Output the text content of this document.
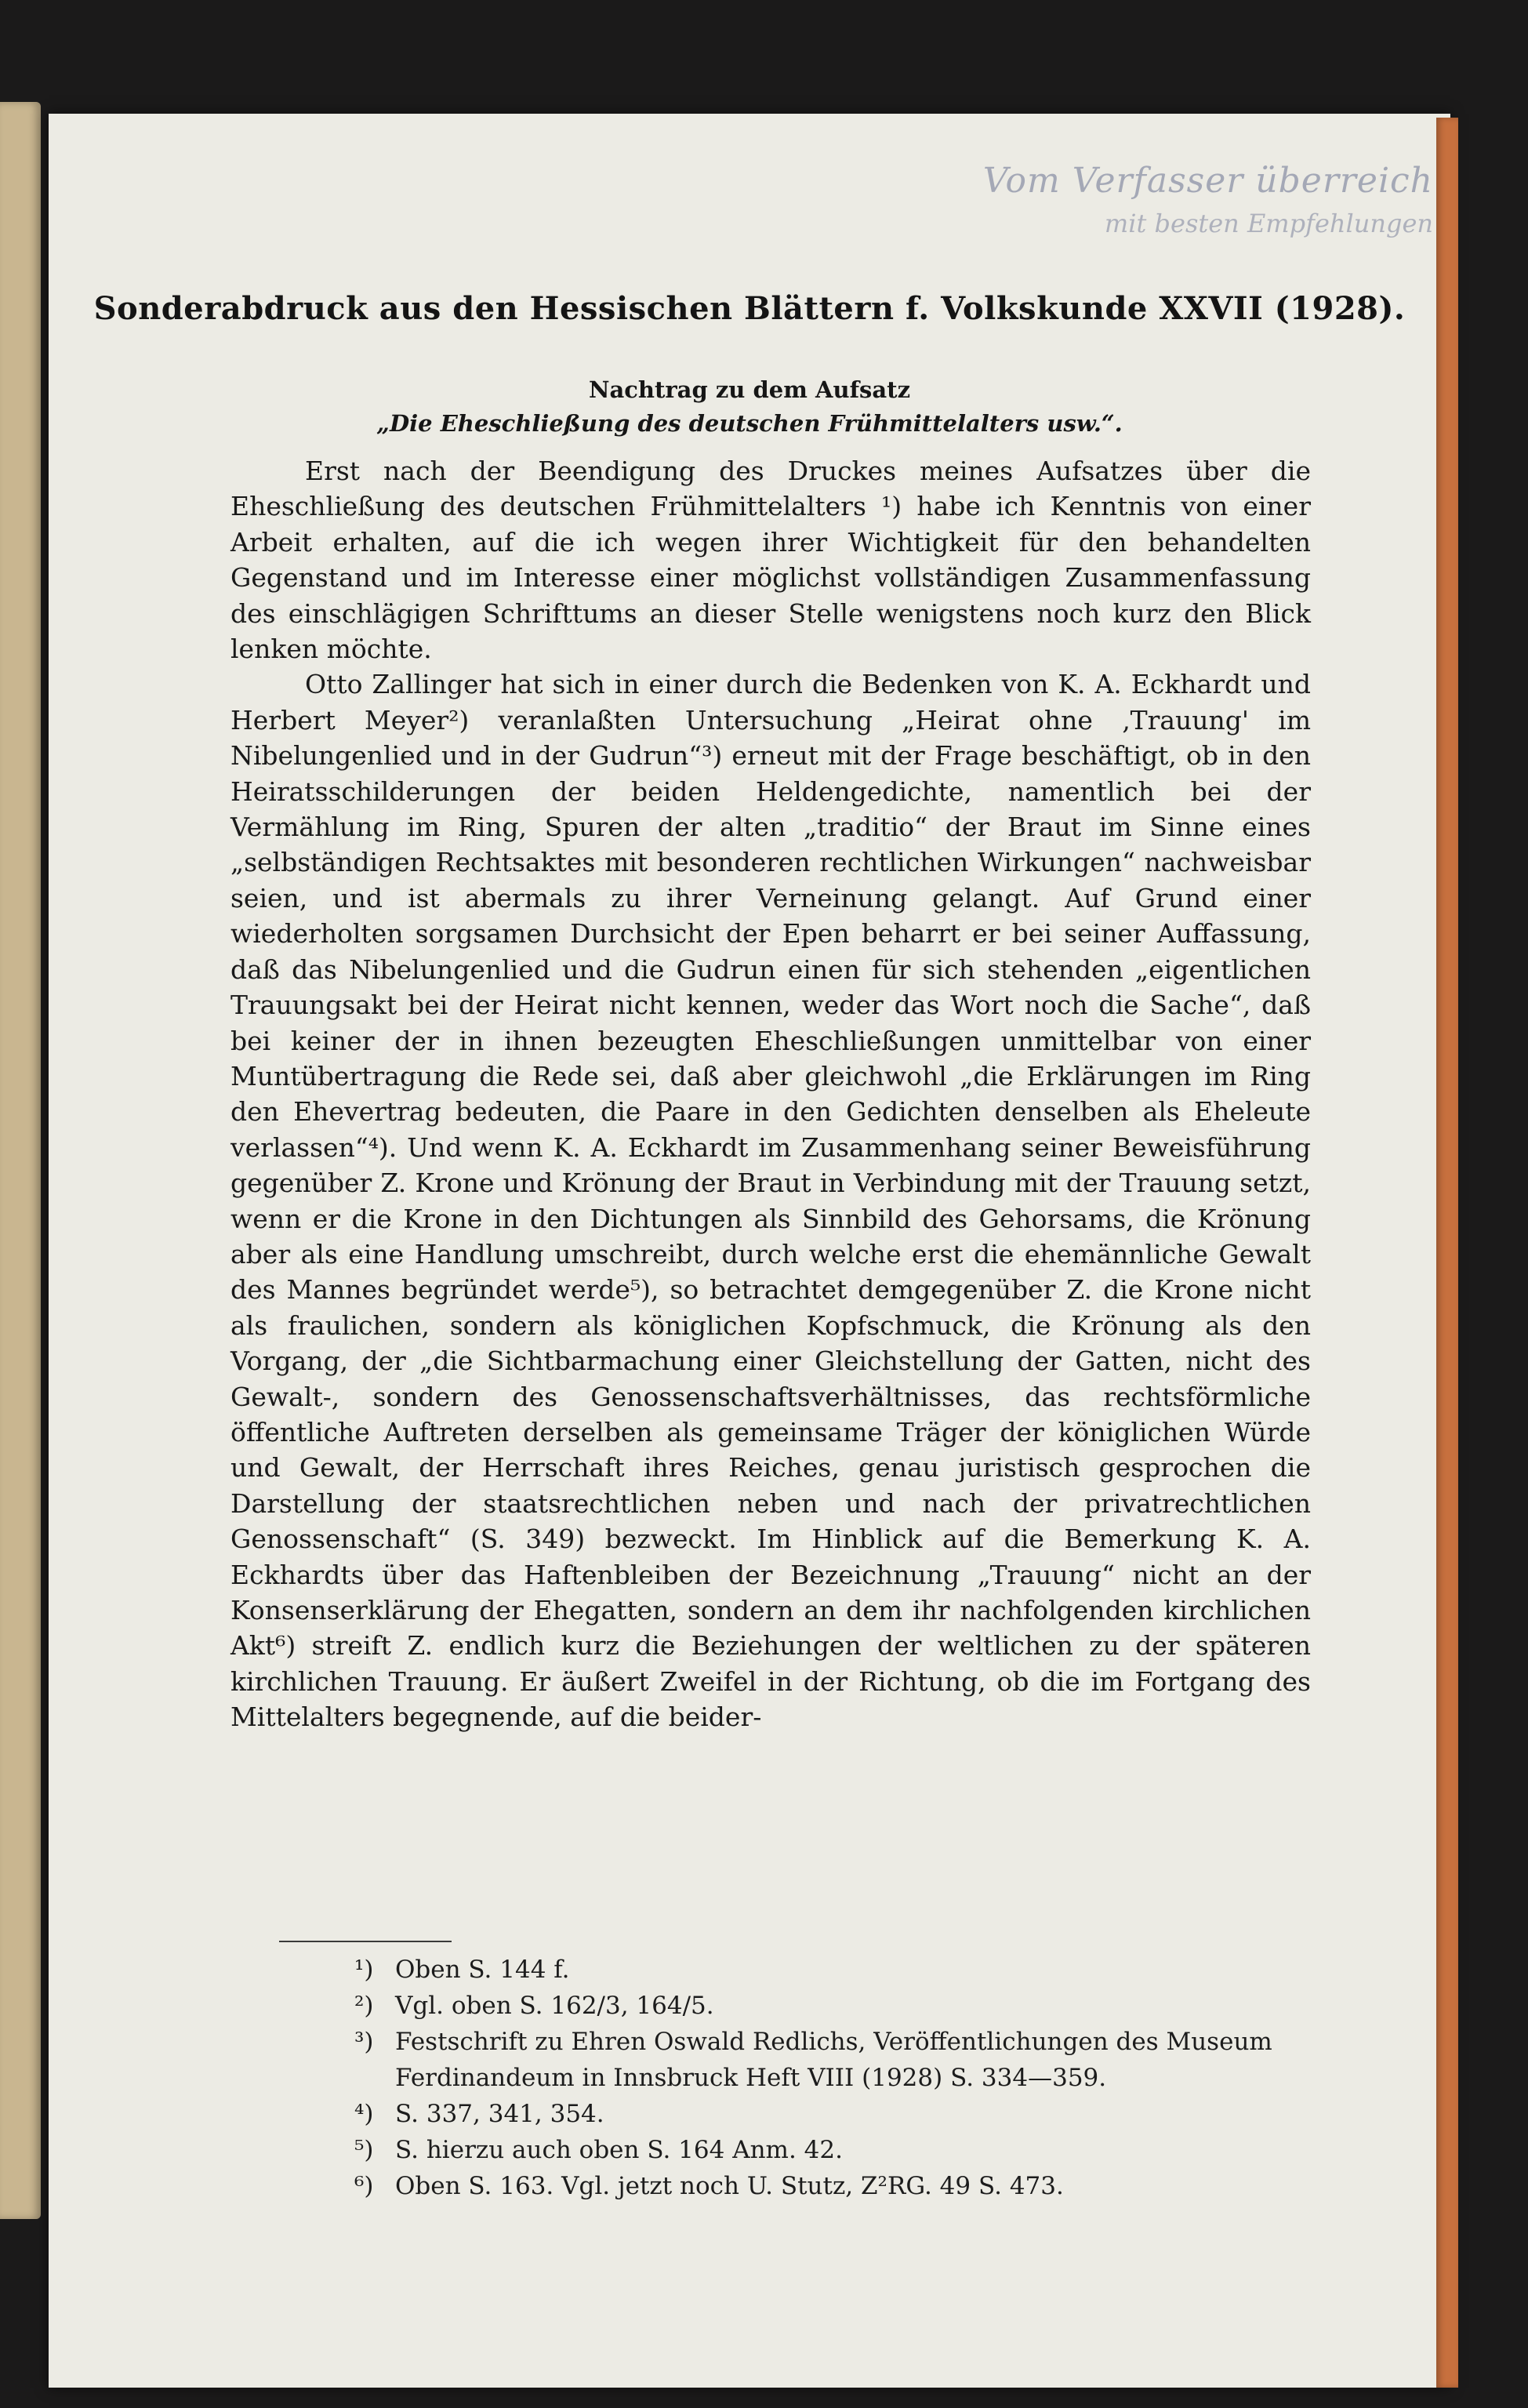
Vom Verfasser überreich
mit besten Empfehlungen
Sonderabdruck aus den Hessischen Blättern f. Volkskunde XXVII (1928).
Nachtrag zu dem Aufsatz
„Die Eheschließung des deutschen Frühmittelalters usw.“.

Erst nach der Beendigung des Druckes meines Aufsatzes über die Eheschließung des deutschen Frühmittelalters ¹) habe ich Kenntnis von einer Arbeit erhalten, auf die ich wegen ihrer Wichtigkeit für den behandelten Gegenstand und im Interesse einer möglichst vollständigen Zusammenfassung des einschlägigen Schrifttums an dieser Stelle wenigstens noch kurz den Blick lenken möchte.

Otto Zallinger hat sich in einer durch die Bedenken von K. A. Eckhardt und Herbert Meyer²) veranlaßten Untersuchung „Heirat ohne ‚Trauung' im Nibelungenlied und in der Gudrun“³) erneut mit der Frage beschäftigt, ob in den Heiratsschilderungen der beiden Heldengedichte, namentlich bei der Vermählung im Ring, Spuren der alten „traditio“ der Braut im Sinne eines „selbständigen Rechtsaktes mit besonderen rechtlichen Wirkungen“ nachweisbar seien, und ist abermals zu ihrer Verneinung gelangt. Auf Grund einer wiederholten sorgsamen Durchsicht der Epen beharrt er bei seiner Auffassung, daß das Nibelungenlied und die Gudrun einen für sich stehenden „eigentlichen Trauungsakt bei der Heirat nicht kennen, weder das Wort noch die Sache“, daß bei keiner der in ihnen bezeugten Eheschließungen unmittelbar von einer Muntübertragung die Rede sei, daß aber gleichwohl „die Erklärungen im Ring den Ehevertrag bedeuten, die Paare in den Gedichten denselben als Eheleute verlassen“⁴). Und wenn K. A. Eckhardt im Zusammenhang seiner Beweisführung gegenüber Z. Krone und Krönung der Braut in Verbindung mit der Trauung setzt, wenn er die Krone in den Dichtungen als Sinnbild des Gehorsams, die Krönung aber als eine Handlung umschreibt, durch welche erst die ehemännliche Gewalt des Mannes begründet werde⁵), so betrachtet demgegenüber Z. die Krone nicht als fraulichen, sondern als königlichen Kopfschmuck, die Krönung als den Vorgang, der „die Sichtbarmachung einer Gleichstellung der Gatten, nicht des Gewalt-, sondern des Genossenschaftsverhältnisses, das rechtsförmliche öffentliche Auftreten derselben als gemeinsame Träger der königlichen Würde und Gewalt, der Herrschaft ihres Reiches, genau juristisch gesprochen die Darstellung der staatsrechtlichen neben und nach der privatrechtlichen Genossenschaft“ (S. 349) bezweckt. Im Hinblick auf die Bemerkung K. A. Eckhardts über das Haftenbleiben der Bezeichnung „Trauung“ nicht an der Konsenserklärung der Ehegatten, sondern an dem ihr nachfolgenden kirchlichen Akt⁶) streift Z. endlich kurz die Beziehungen der weltlichen zu der späteren kirchlichen Trauung. Er äußert Zweifel in der Richtung, ob die im Fortgang des Mittelalters begegnende, auf die beider-

¹) Oben S. 144 f.
²) Vgl. oben S. 162/3, 164/5.
³) Festschrift zu Ehren Oswald Redlichs, Veröffentlichungen des Museum Ferdinandeum in Innsbruck Heft VIII (1928) S. 334—359.
⁴) S. 337, 341, 354.
⁵) S. hierzu auch oben S. 164 Anm. 42.
⁶) Oben S. 163. Vgl. jetzt noch U. Stutz, Z²RG. 49 S. 473.
